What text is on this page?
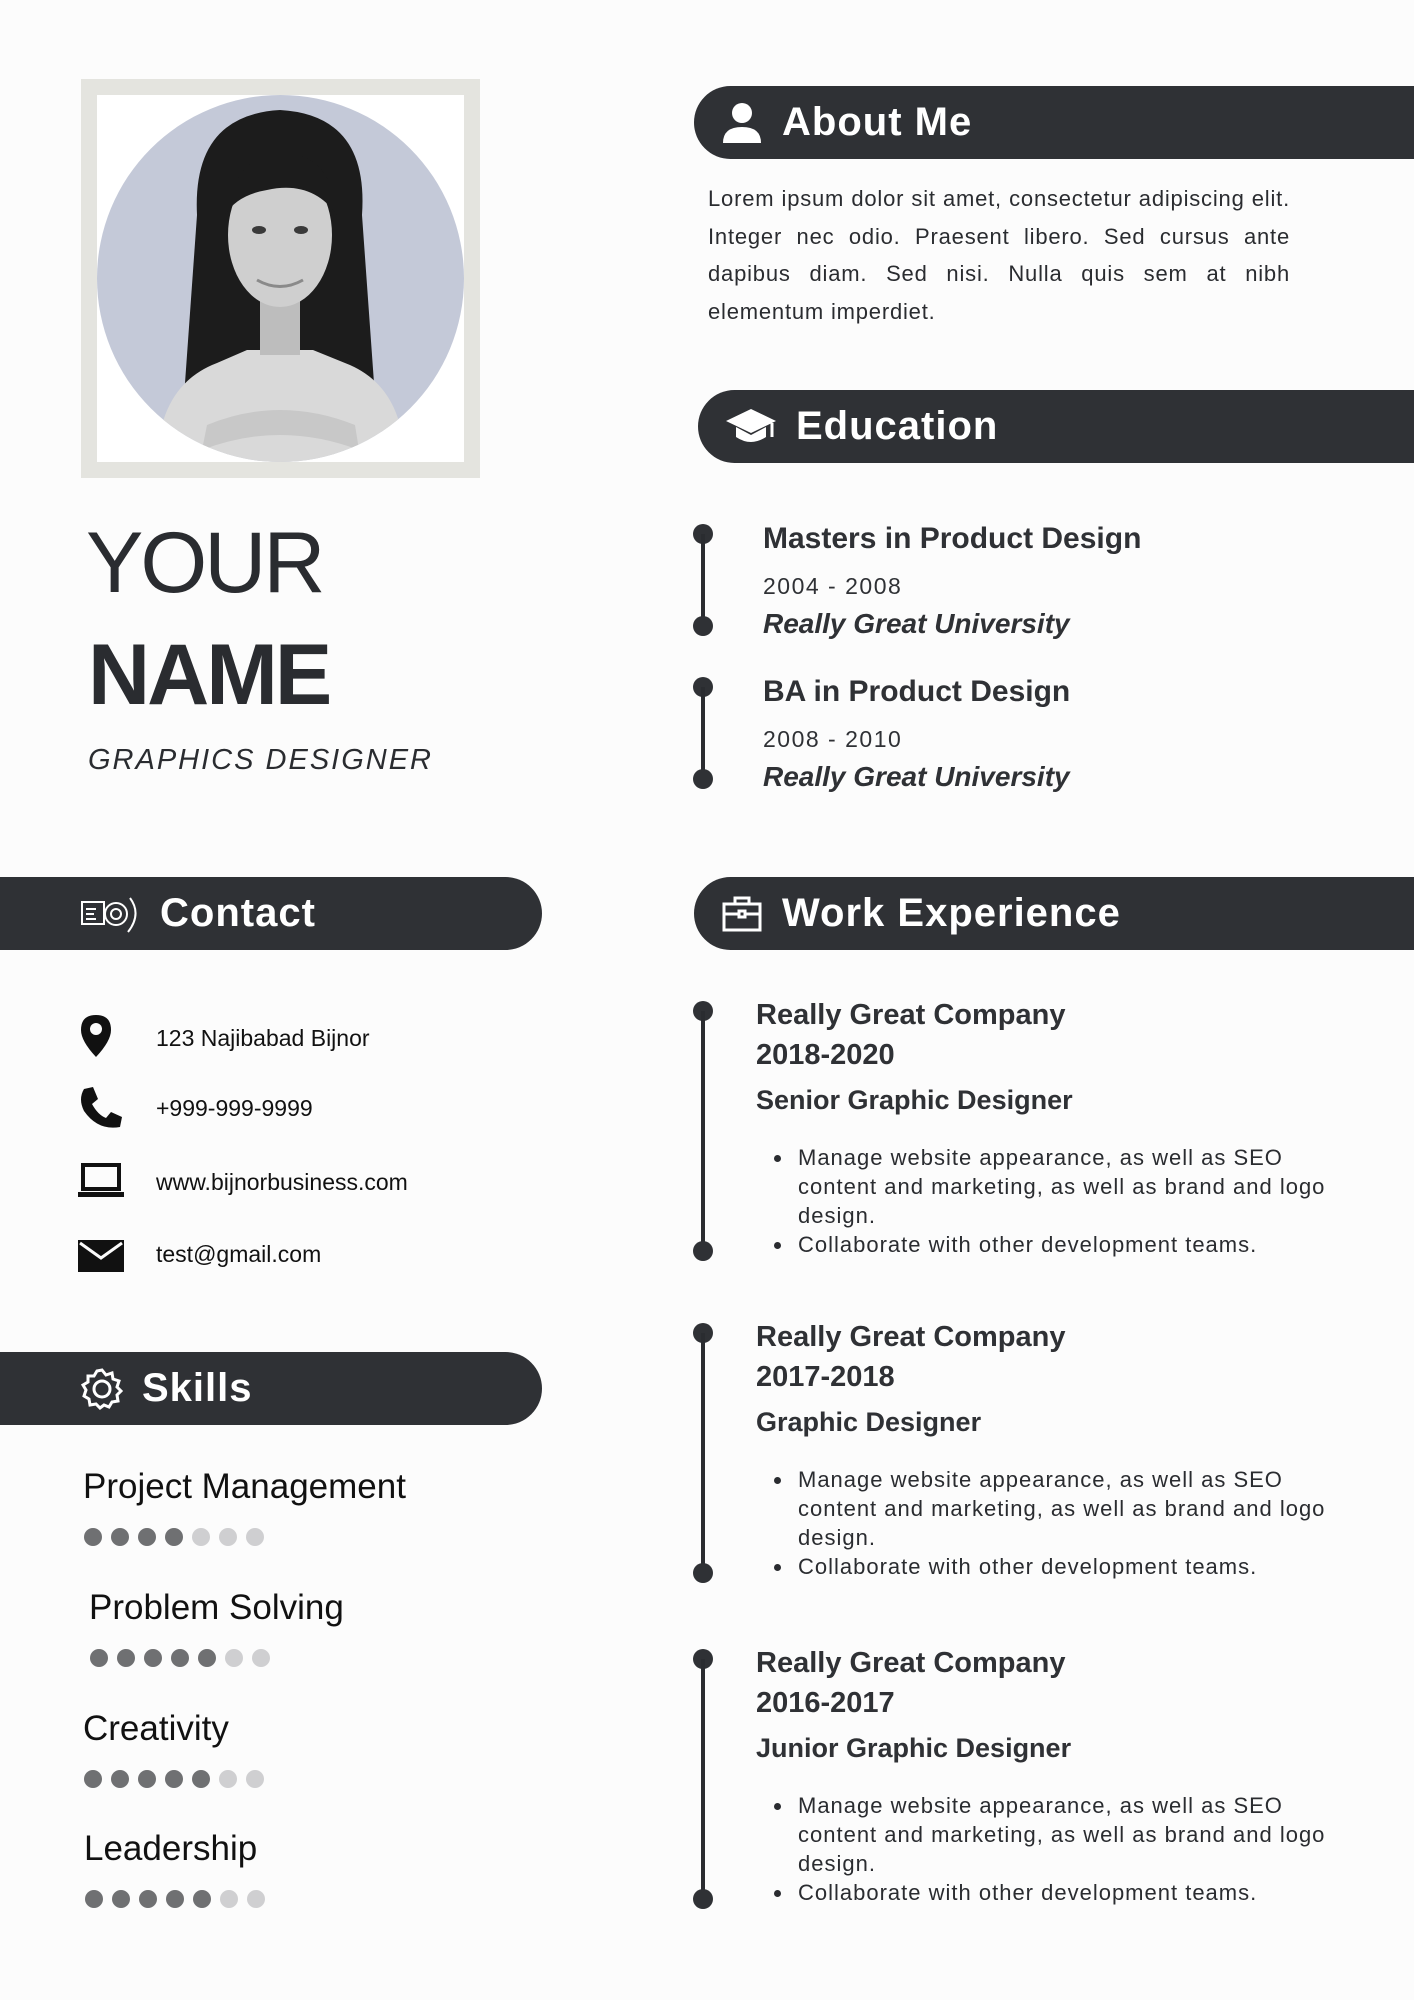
YOUR
NAME
GRAPHICS DESIGNER
About Me
Lorem ipsum dolor sit amet, consectetur adipiscing elit. Integer nec odio. Praesent libero. Sed cursus ante dapibus diam. Sed nisi. Nulla quis sem at nibh elementum imperdiet.
Education
Masters in Product Design
2004 - 2008
Really Great University
BA in Product Design
2008 - 2010
Really Great University
Contact
123 Najibabad Bijnor
+999-999-9999
www.bijnorbusiness.com
test@gmail.com
Skills
Project Management
Problem Solving
Creativity
Leadership
Work Experience
Really Great Company
2018-2020
Senior Graphic Designer
• Manage website appearance, as well as SEO content and marketing, as well as brand and logo design.
• Collaborate with other development teams.
Really Great Company
2017-2018
Graphic Designer
• Manage website appearance, as well as SEO content and marketing, as well as brand and logo design.
• Collaborate with other development teams.
Really Great Company
2016-2017
Junior Graphic Designer
• Manage website appearance, as well as SEO content and marketing, as well as brand and logo design.
• Collaborate with other development teams.
